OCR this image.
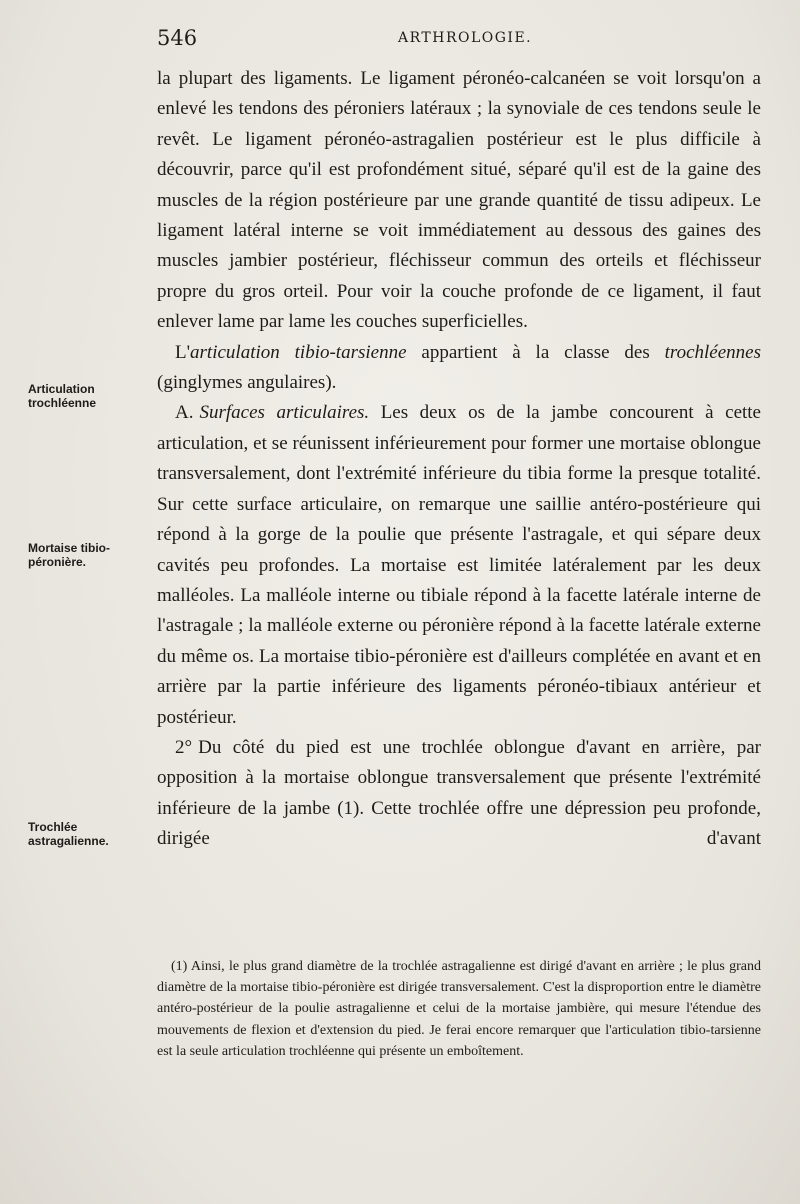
546	ARTHROLOGIE.
Articulation trochléenne
Mortaise tibio-péronière.
Trochlée astragalienne.

la plupart des ligaments. Le ligament péronéo-calcanéen se voit lorsqu'on a enlevé les tendons des péroniers latéraux ; la synoviale de ces tendons seule le revêt. Le ligament péronéo-astragalien postérieur est le plus difficile à découvrir, parce qu'il est profondément situé, séparé qu'il est de la gaine des muscles de la région postérieure par une grande quantité de tissu adipeux. Le ligament latéral interne se voit immédiatement au dessous des gaines des muscles jambier postérieur, fléchisseur commun des orteils et fléchisseur propre du gros orteil. Pour voir la couche profonde de ce ligament, il faut enlever lame par lame les couches superficielles.

L'articulation tibio-tarsienne appartient à la classe des trochléennes (ginglymes angulaires).

A. Surfaces articulaires. Les deux os de la jambe concourent à cette articulation, et se réunissent inférieurement pour former une mortaise oblongue transversalement, dont l'extrémité inférieure du tibia forme la presque totalité. Sur cette surface articulaire, on remarque une saillie antéro-postérieure qui répond à la gorge de la poulie que présente l'astragale, et qui sépare deux cavités peu profondes. La mortaise est limitée latéralement par les deux malléoles. La malléole interne ou tibiale répond à la facette latérale interne de l'astragale ; la malléole externe ou péronière répond à la facette latérale externe du même os. La mortaise tibio-péronière est d'ailleurs complétée en avant et en arrière par la partie inférieure des ligaments péronéo-tibiaux antérieur et postérieur.

2° Du côté du pied est une trochlée oblongue d'avant en arrière, par opposition à la mortaise oblongue transversalement que présente l'extrémité inférieure de la jambe (1). Cette trochlée offre une dépression peu profonde, dirigée d'avant

(1) Ainsi, le plus grand diamètre de la trochlée astragalienne est dirigé d'avant en arrière ; le plus grand diamètre de la mortaise tibio-péronière est dirigée transversalement. C'est la disproportion entre le diamètre antéro-postérieur de la poulie astragalienne et celui de la mortaise jambière, qui mesure l'étendue des mouvements de flexion et d'extension du pied. Je ferai encore remarquer que l'articulation tibio-tarsienne est la seule articulation trochléenne qui présente un emboîtement.
